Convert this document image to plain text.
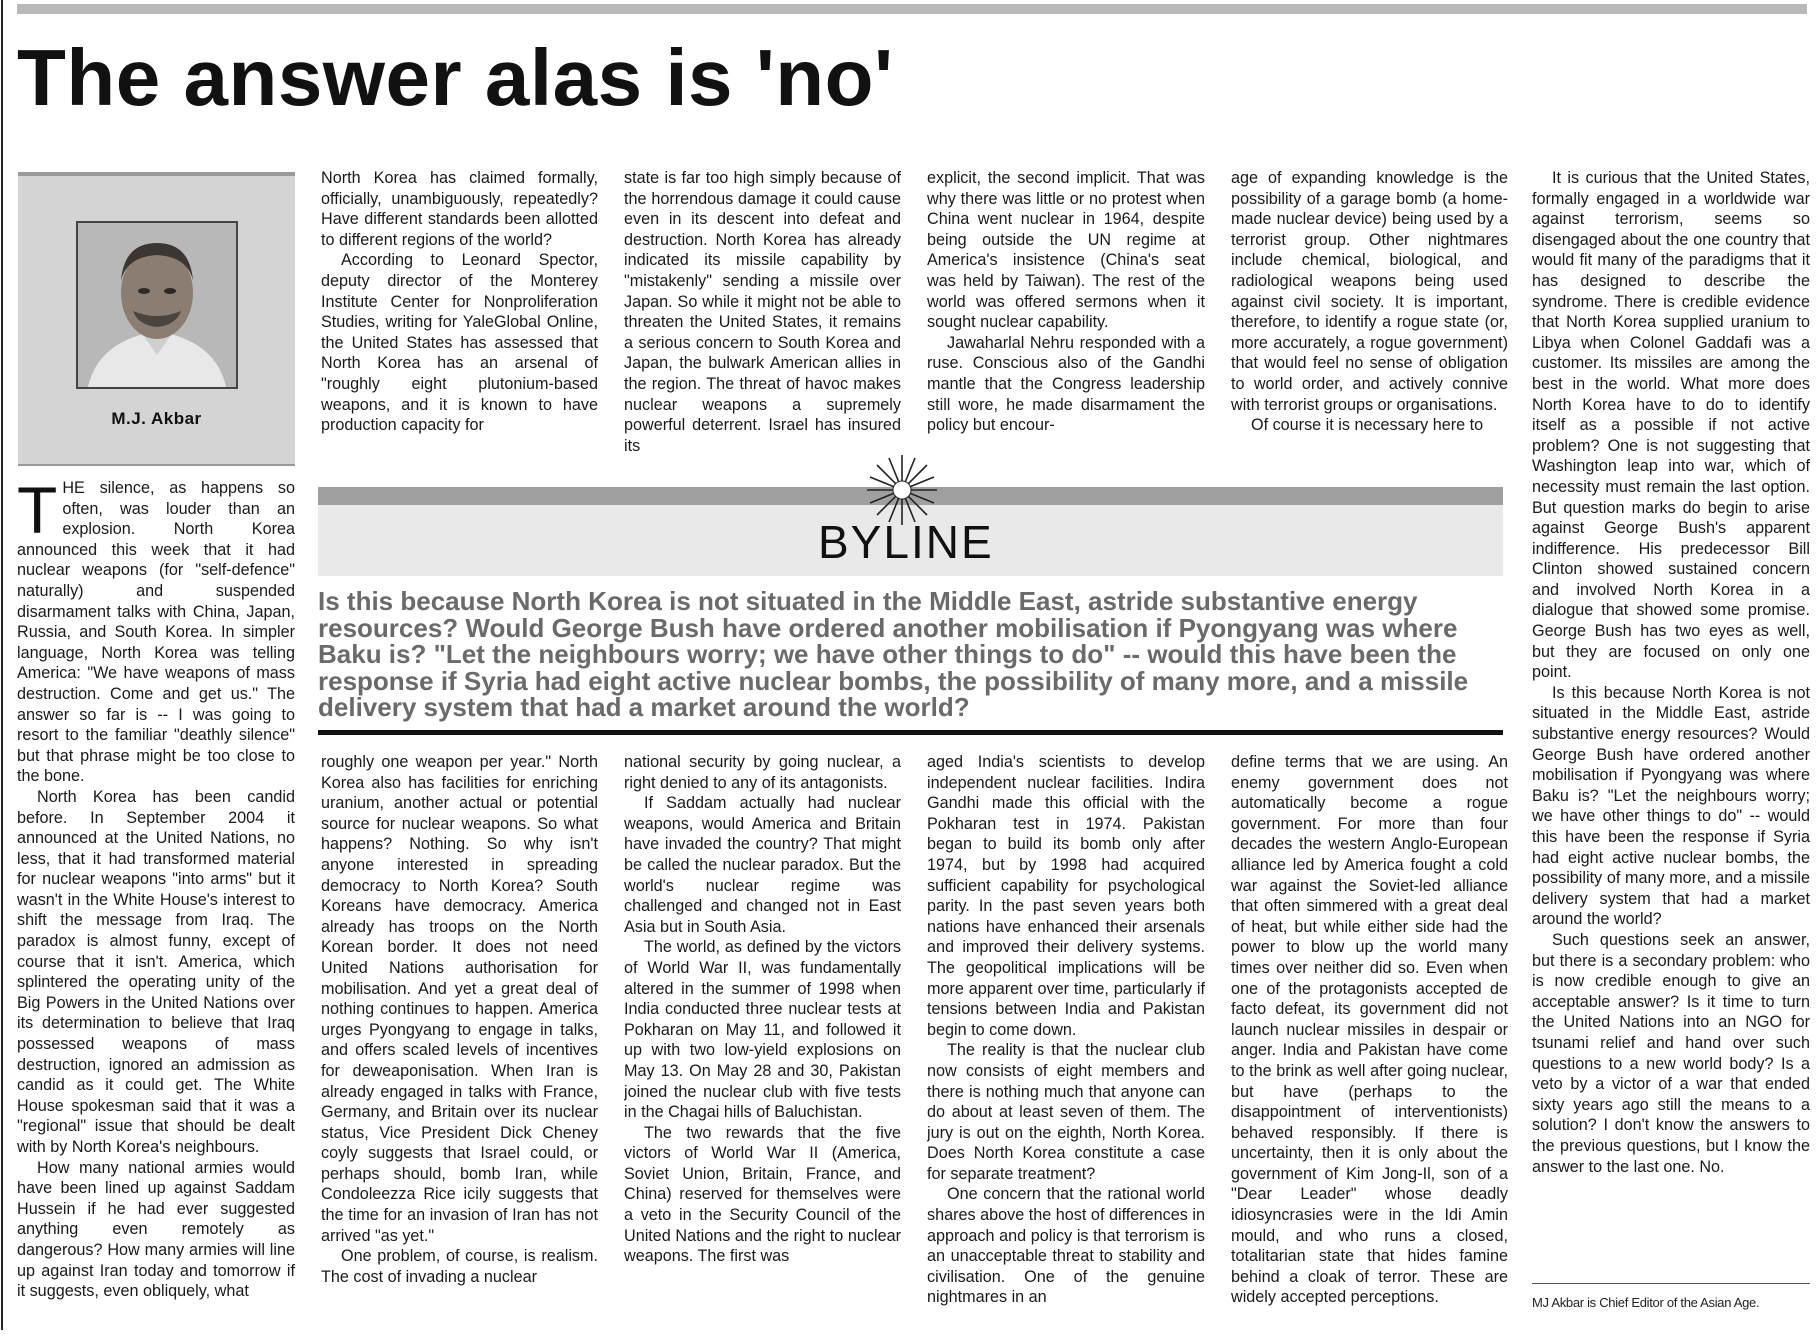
The answer alas is 'no'
M.J. Akbar
T HE silence, as happens so often, was louder than an explosion. North Korea announced this week that it had nuclear weapons (for "self-defence" naturally) and suspended disarmament talks with China, Japan, Russia, and South Korea. In simpler language, North Korea was telling America: "We have weapons of mass destruction. Come and get us." The answer so far is -- I was going to resort to the familiar "deathly silence" but that phrase might be too close to the bone.

North Korea has been candid before. In September 2004 it announced at the United Nations, no less, that it had transformed material for nuclear weapons "into arms" but it wasn't in the White House's interest to shift the message from Iraq. The paradox is almost funny, except of course that it isn't. America, which splintered the operating unity of the Big Powers in the United Nations over its determination to believe that Iraq possessed weapons of mass destruction, ignored an admission as candid as it could get. The White House spokesman said that it was a "regional" issue that should be dealt with by North Korea's neighbours.

How many national armies would have been lined up against Saddam Hussein if he had ever suggested anything even remotely as dangerous? How many armies will line up against Iran today and tomorrow if it suggests, even obliquely, what

North Korea has claimed formally, officially, unambiguously, repeatedly? Have different standards been allotted to different regions of the world?

According to Leonard Spector, deputy director of the Monterey Institute Center for Nonproliferation Studies, writing for YaleGlobal Online, the United States has assessed that North Korea has an arsenal of "roughly eight plutonium-based weapons, and it is known to have production capacity for

state is far too high simply because of the horrendous damage it could cause even in its descent into defeat and destruction. North Korea has already indicated its missile capability by "mistakenly" sending a missile over Japan. So while it might not be able to threaten the United States, it remains a serious concern to South Korea and Japan, the bulwark American allies in the region. The threat of havoc makes nuclear weapons a supremely powerful deterrent. Israel has insured its

explicit, the second implicit. That was why there was little or no protest when China went nuclear in 1964, despite being outside the UN regime at America's insistence (China's seat was held by Taiwan). The rest of the world was offered sermons when it sought nuclear capability.

Jawaharlal Nehru responded with a ruse. Conscious also of the Gandhi mantle that the Congress leadership still wore, he made disarmament the policy but encour-

age of expanding knowledge is the possibility of a garage bomb (a home-made nuclear device) being used by a terrorist group. Other nightmares include chemical, biological, and radiological weapons being used against civil society. It is important, therefore, to identify a rogue state (or, more accurately, a rogue government) that would feel no sense of obligation to world order, and actively connive with terrorist groups or organisations.

Of course it is necessary here to

BYLINE

Is this because North Korea is not situated in the Middle East, astride substantive energy resources? Would George Bush have ordered another mobilisation if Pyongyang was where Baku is? "Let the neighbours worry; we have other things to do" -- would this have been the response if Syria had eight active nuclear bombs, the possibility of many more, and a missile delivery system that had a market around the world?

roughly one weapon per year." North Korea also has facilities for enriching uranium, another actual or potential source for nuclear weapons. So what happens? Nothing. So why isn't anyone interested in spreading democracy to North Korea? South Koreans have democracy. America already has troops on the North Korean border. It does not need United Nations authorisation for mobilisation. And yet a great deal of nothing continues to happen. America urges Pyongyang to engage in talks, and offers scaled levels of incentives for deweaponisation. When Iran is already engaged in talks with France, Germany, and Britain over its nuclear status, Vice President Dick Cheney coyly suggests that Israel could, or perhaps should, bomb Iran, while Condoleezza Rice icily suggests that the time for an invasion of Iran has not arrived "as yet."

One problem, of course, is realism. The cost of invading a nuclear

national security by going nuclear, a right denied to any of its antagonists.

If Saddam actually had nuclear weapons, would America and Britain have invaded the country? That might be called the nuclear paradox. But the world's nuclear regime was challenged and changed not in East Asia but in South Asia.

The world, as defined by the victors of World War II, was fundamentally altered in the summer of 1998 when India conducted three nuclear tests at Pokharan on May 11, and followed it up with two low-yield explosions on May 13. On May 28 and 30, Pakistan joined the nuclear club with five tests in the Chagai hills of Baluchistan.

The two rewards that the five victors of World War II (America, Soviet Union, Britain, France, and China) reserved for themselves were a veto in the Security Council of the United Nations and the right to nuclear weapons. The first was

aged India's scientists to develop independent nuclear facilities. Indira Gandhi made this official with the Pokharan test in 1974. Pakistan began to build its bomb only after 1974, but by 1998 had acquired sufficient capability for psychological parity. In the past seven years both nations have enhanced their arsenals and improved their delivery systems. The geopolitical implications will be more apparent over time, particularly if tensions between India and Pakistan begin to come down.

The reality is that the nuclear club now consists of eight members and there is nothing much that anyone can do about at least seven of them. The jury is out on the eighth, North Korea. Does North Korea constitute a case for separate treatment?

One concern that the rational world shares above the host of differences in approach and policy is that terrorism is an unacceptable threat to stability and civilisation. One of the genuine nightmares in an

define terms that we are using. An enemy government does not automatically become a rogue government. For more than four decades the western Anglo-European alliance led by America fought a cold war against the Soviet-led alliance that often simmered with a great deal of heat, but while either side had the power to blow up the world many times over neither did so. Even when one of the protagonists accepted de facto defeat, its government did not launch nuclear missiles in despair or anger. India and Pakistan have come to the brink as well after going nuclear, but have (perhaps to the disappointment of interventionists) behaved responsibly. If there is uncertainty, then it is only about the government of Kim Jong-Il, son of a "Dear Leader" whose deadly idiosyncrasies were in the Idi Amin mould, and who runs a closed, totalitarian state that hides famine behind a cloak of terror. These are widely accepted perceptions.

It is curious that the United States, formally engaged in a worldwide war against terrorism, seems so disengaged about the one country that would fit many of the paradigms that it has designed to describe the syndrome. There is credible evidence that North Korea supplied uranium to Libya when Colonel Gaddafi was a customer. Its missiles are among the best in the world. What more does North Korea have to do to identify itself as a possible if not active problem? One is not suggesting that Washington leap into war, which of necessity must remain the last option. But question marks do begin to arise against George Bush's apparent indifference. His predecessor Bill Clinton showed sustained concern and involved North Korea in a dialogue that showed some promise. George Bush has two eyes as well, but they are focused on only one point.

Is this because North Korea is not situated in the Middle East, astride substantive energy resources? Would George Bush have ordered another mobilisation if Pyongyang was where Baku is? "Let the neighbours worry; we have other things to do" -- would this have been the response if Syria had eight active nuclear bombs, the possibility of many more, and a missile delivery system that had a market around the world?

Such questions seek an answer, but there is a secondary problem: who is now credible enough to give an acceptable answer? Is it time to turn the United Nations into an NGO for tsunami relief and hand over such questions to a new world body? Is a veto by a victor of a war that ended sixty years ago still the means to a solution? I don't know the answers to the previous questions, but I know the answer to the last one. No.

MJ Akbar is Chief Editor of the Asian Age.
